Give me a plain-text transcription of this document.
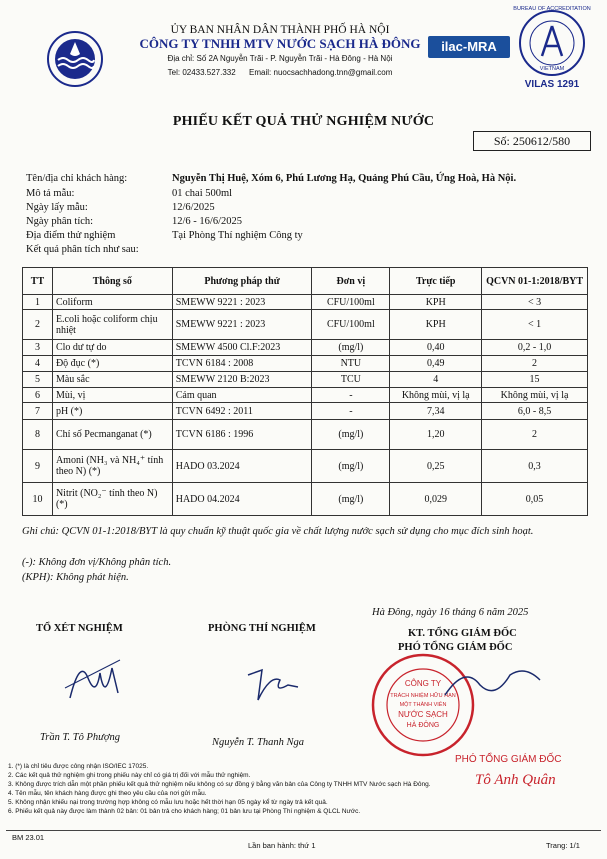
ỦY BAN NHÂN DÂN THÀNH PHỐ HÀ NỘI
CÔNG TY TNHH MTV NƯỚC SẠCH HÀ ĐÔNG
Địa chỉ: Số 2A Nguyễn Trãi - P. Nguyễn Trãi - Hà Đông - Hà Nội
Tel: 02433.527.332 Email: nuocsachhadong.tnn@gmail.com
ilac-MRA
BUREAU OF ACCREDITATION
VIETNAM
VILAS 1291
PHIẾU KẾT QUẢ THỬ NGHIỆM NƯỚC
Số: 250612/580
Tên/địa chỉ khách hàng:	Nguyễn Thị Huệ, Xóm 6, Phú Lương Hạ, Quảng Phú Cầu, Ứng Hoà, Hà Nội.
Mô tả mẫu:	01 chai 500ml
Ngày lấy mẫu:	12/6/2025
Ngày phân tích:	12/6 - 16/6/2025
Địa điểm thử nghiệm	Tại Phòng Thí nghiệm Công ty
Kết quả phân tích như sau:
TT	Thông số	Phương pháp thử	Đơn vị	Trực tiếp	QCVN 01-1:2018/BYT
1	Coliform	SMEWW 9221 : 2023	CFU/100ml	KPH	< 3
2	E.coli hoặc coliform chịu nhiệt	SMEWW 9221 : 2023	CFU/100ml	KPH	< 1
3	Clo dư tự do	SMEWW 4500 Cl.F:2023	(mg/l)	0,40	0,2 - 1,0
4	Độ đục (*)	TCVN 6184 : 2008	NTU	0,49	2
5	Màu sắc	SMEWW 2120 B:2023	TCU	4	15
6	Mùi, vị	Cảm quan	-	Không mùi, vị lạ	Không mùi, vị lạ
7	pH (*)	TCVN 6492 : 2011	-	7,34	6,0 - 8,5
8	Chỉ số Pecmanganat (*)	TCVN 6186 : 1996	(mg/l)	1,20	2
9	Amoni (NH₃ và NH₄⁺ tính theo N) (*)	HADO 03.2024	(mg/l)	0,25	0,3
10	Nitrit (NO₂⁻ tính theo N) (*)	HADO 04.2024	(mg/l)	0,029	0,05
Ghi chú: QCVN 01-1:2018/BYT là quy chuẩn kỹ thuật quốc gia về chất lượng nước sạch sử dụng cho mục đích sinh hoạt.
(-): Không đơn vị/Không phân tích.
(KPH): Không phát hiện.
Hà Đông, ngày 16 tháng 6 năm 2025
TỔ XÉT NGHIỆM	PHÒNG THÍ NGHIỆM	KT. TỔNG GIÁM ĐỐC
PHÓ TỔNG GIÁM ĐỐC
CÔNG TY
TRÁCH NHIỆM HỮU HẠN
MỘT THÀNH VIÊN
NƯỚC SẠCH
HÀ ĐÔNG
Trần T. Tô Phượng	Nguyễn T. Thanh Nga
PHÓ TỔNG GIÁM ĐỐC
Tô Anh Quân
1. (*) là chỉ tiêu được công nhận ISO/IEC 17025.
2. Các kết quả thử nghiệm ghi trong phiếu này chỉ có giá trị đối với mẫu thử nghiệm.
3. Không được trích dẫn một phần phiếu kết quả thử nghiệm nếu không có sự đồng ý bằng văn bản của Công ty TNHH MTV Nước sạch Hà Đông.
4. Tên mẫu, tên khách hàng được ghi theo yêu cầu của nơi gửi mẫu.
5. Không nhận khiếu nại trong trường hợp không có mẫu lưu hoặc hết thời hạn 05 ngày kể từ ngày trả kết quả.
6. Phiếu kết quả này được làm thành 02 bản: 01 bản trả cho khách hàng; 01 bản lưu tại Phòng Thí nghiệm & QLCL Nước.
BM 23.01
Lần ban hành: thứ 1	Trang: 1/1
